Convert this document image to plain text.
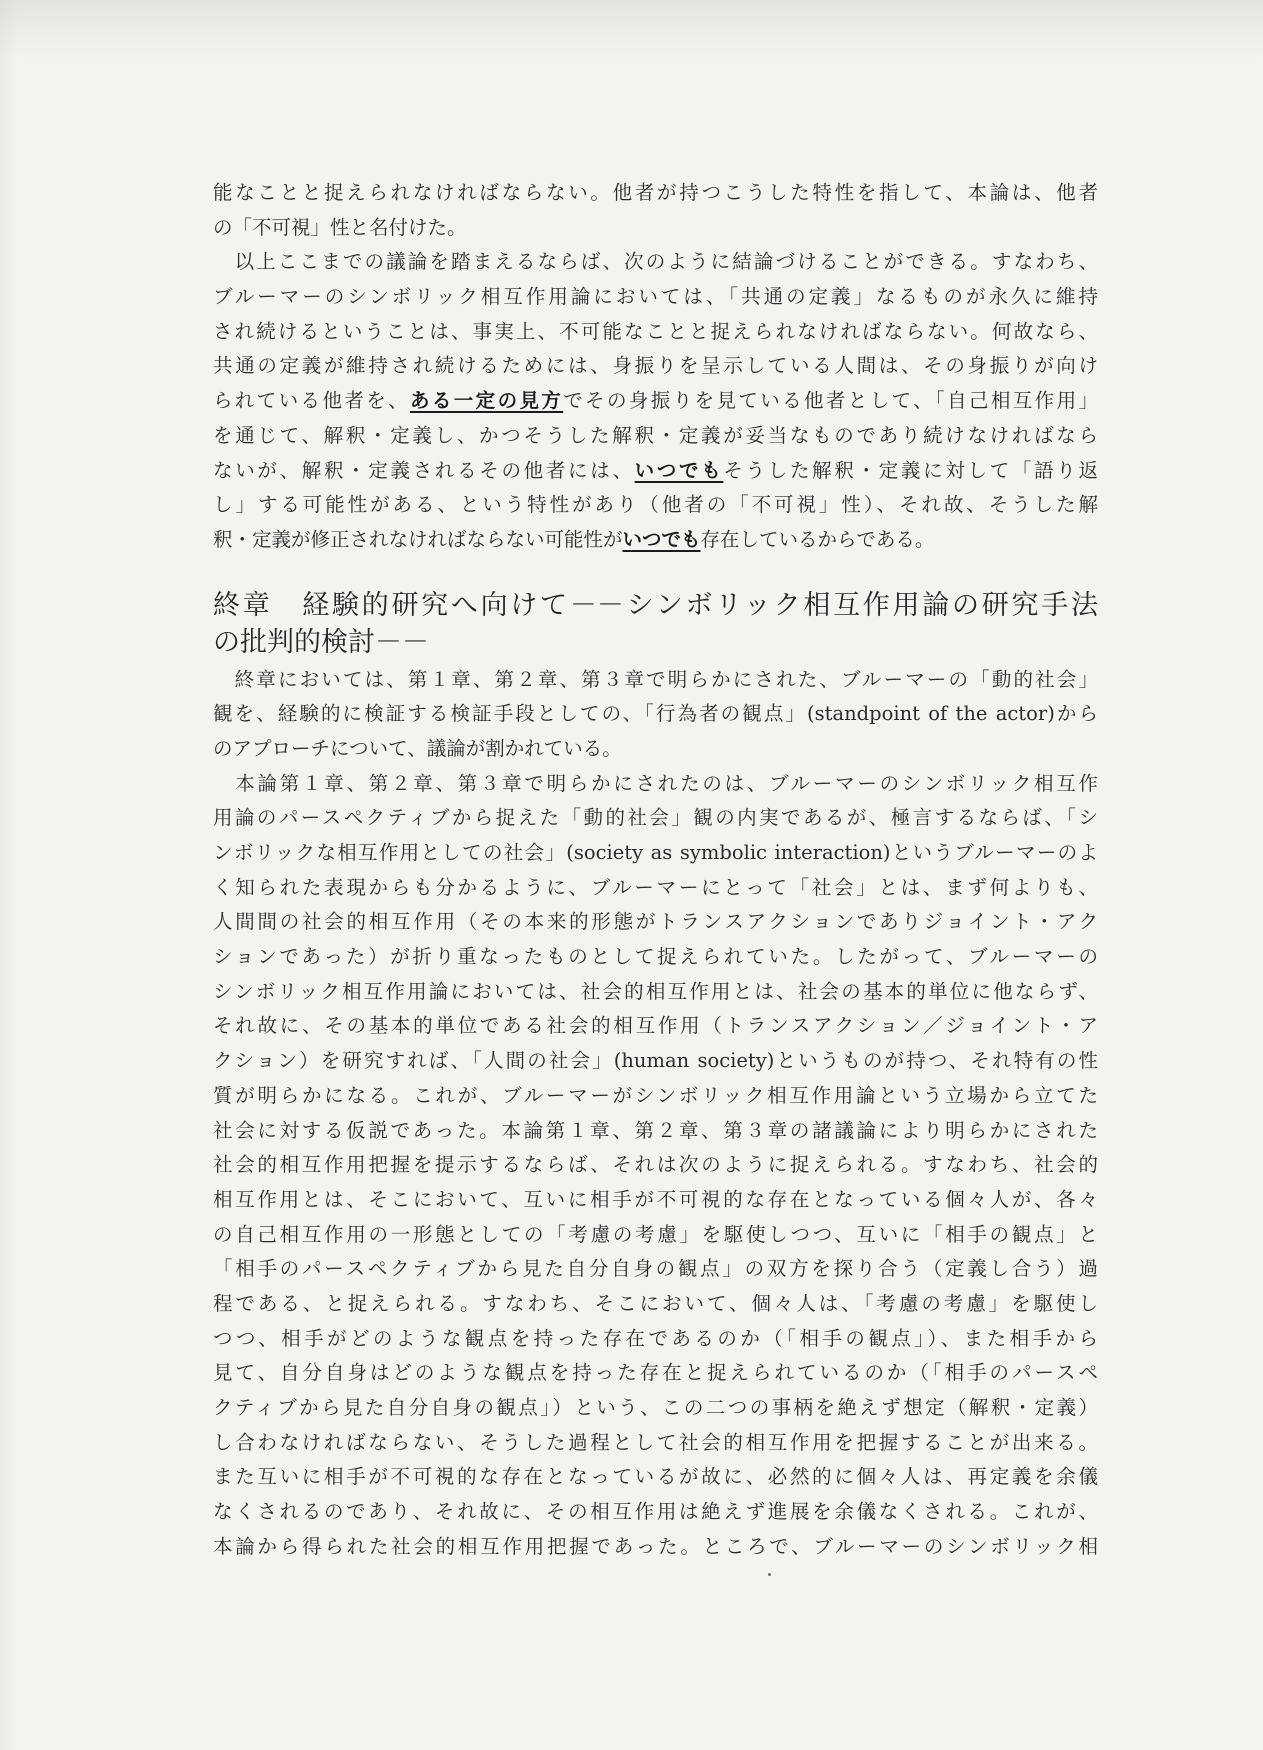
能なことと捉えられなければならない。他者が持つこうした特性を指して、本論は、他者
の「不可視」性と名付けた。
　以上ここまでの議論を踏まえるならば、次のように結論づけることができる。すなわち、
ブルーマーのシンボリック相互作用論においては、「共通の定義」なるものが永久に維持
され続けるということは、事実上、不可能なことと捉えられなければならない。何故なら、
共通の定義が維持され続けるためには、身振りを呈示している人間は、その身振りが向け
られている他者を、ある一定の見方でその身振りを見ている他者として、「自己相互作用」
を通じて、解釈・定義し、かつそうした解釈・定義が妥当なものであり続けなければなら
ないが、解釈・定義されるその他者には、いつでもそうした解釈・定義に対して「語り返
し」する可能性がある、という特性があり（他者の「不可視」性）、それ故、そうした解
釈・定義が修正されなければならない可能性がいつでも存在しているからである。
終章　経験的研究へ向けて－－シンボリック相互作用論の研究手法
の批判的検討－－
　終章においては、第１章、第２章、第３章で明らかにされた、ブルーマーの「動的社会」
観を、経験的に検証する検証手段としての、「行為者の観点」(standpoint of the actor)から
のアプローチについて、議論が割かれている。
　本論第１章、第２章、第３章で明らかにされたのは、ブルーマーのシンボリック相互作
用論のパースペクティブから捉えた「動的社会」観の内実であるが、極言するならば、「シ
ンボリックな相互作用としての社会」(society as symbolic interaction)というブルーマーのよ
く知られた表現からも分かるように、ブルーマーにとって「社会」とは、まず何よりも、
人間間の社会的相互作用（その本来的形態がトランスアクションでありジョイント・アク
ションであった）が折り重なったものとして捉えられていた。したがって、ブルーマーの
シンボリック相互作用論においては、社会的相互作用とは、社会の基本的単位に他ならず、
それ故に、その基本的単位である社会的相互作用（トランスアクション／ジョイント・ア
クション）を研究すれば、「人間の社会」(human society)というものが持つ、それ特有の性
質が明らかになる。これが、ブルーマーがシンボリック相互作用論という立場から立てた
社会に対する仮説であった。本論第１章、第２章、第３章の諸議論により明らかにされた
社会的相互作用把握を提示するならば、それは次のように捉えられる。すなわち、社会的
相互作用とは、そこにおいて、互いに相手が不可視的な存在となっている個々人が、各々
の自己相互作用の一形態としての「考慮の考慮」を駆使しつつ、互いに「相手の観点」と
「相手のパースペクティブから見た自分自身の観点」の双方を探り合う（定義し合う）過
程である、と捉えられる。すなわち、そこにおいて、個々人は、「考慮の考慮」を駆使し
つつ、相手がどのような観点を持った存在であるのか（「相手の観点」）、また相手から
見て、自分自身はどのような観点を持った存在と捉えられているのか（「相手のパースペ
クティブから見た自分自身の観点」）という、この二つの事柄を絶えず想定（解釈・定義）
し合わなければならない、そうした過程として社会的相互作用を把握することが出来る。
また互いに相手が不可視的な存在となっているが故に、必然的に個々人は、再定義を余儀
なくされるのであり、それ故に、その相互作用は絶えず進展を余儀なくされる。これが、
本論から得られた社会的相互作用把握であった。ところで、ブルーマーのシンボリック相
